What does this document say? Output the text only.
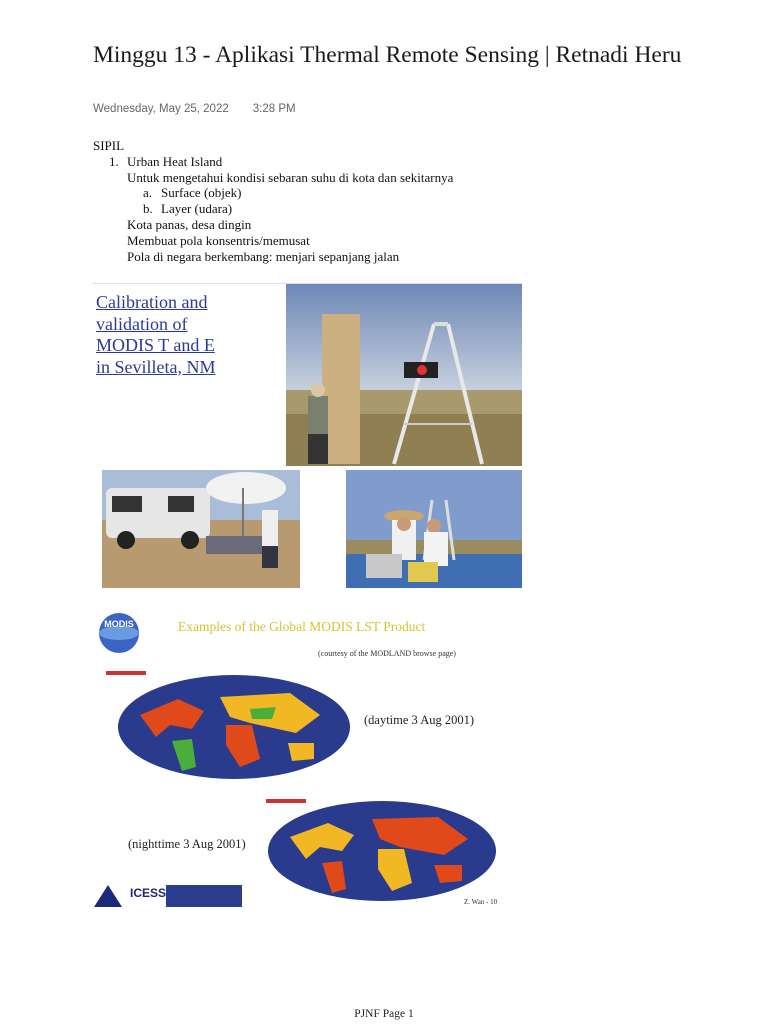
Minggu 13 - Aplikasi Thermal Remote Sensing | Retnadi Heru
Wednesday, May 25, 2022 3:28 PM
SIPIL
1. Urban Heat Island
Untuk mengetahui kondisi sebaran suhu di kota dan sekitarnya
a. Surface (objek)
b. Layer (udara)
Kota panas, desa dingin
Membuat pola konsentris/memusat
Pola di negara berkembang: menjari sepanjang jalan
Calibration and
validation of
MODIS T and E
in Sevilleta, NM
MODIS	Examples of the Global MODIS LST Product
(courtesy of the MODLAND browse page)
(daytime 3 Aug 2001)
(nighttime 3 Aug 2001)
ICESS
Z. Wan - 10
PJNF Page 1
